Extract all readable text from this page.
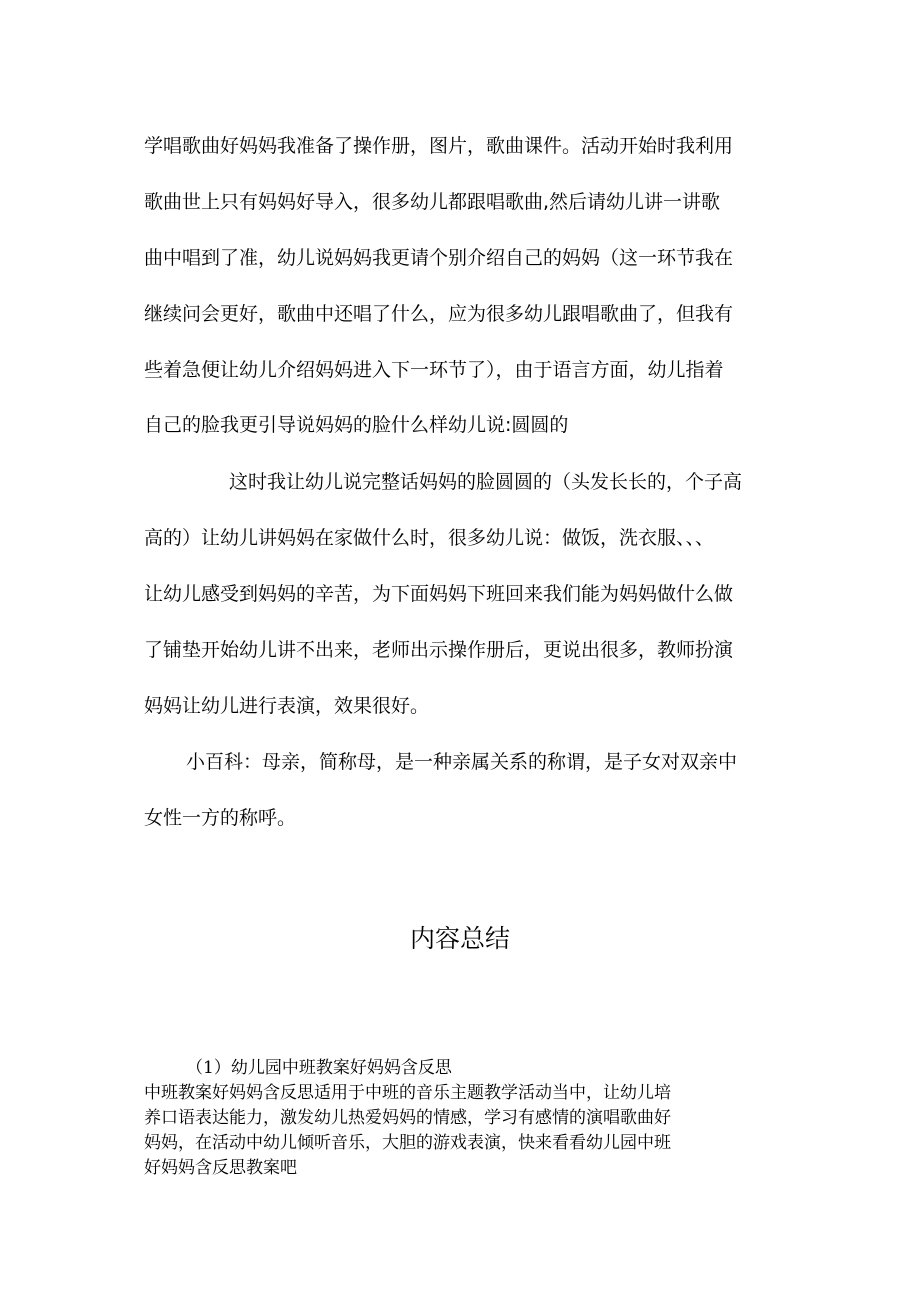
学唱歌曲好妈妈我准备了操作册，图片，歌曲课件。活动开始时我利用
歌曲世上只有妈妈好导入，很多幼儿都跟唱歌曲,然后请幼儿讲一讲歌
曲中唱到了准，幼儿说妈妈我更请个别介绍自己的妈妈（这一环节我在
继续问会更好，歌曲中还唱了什么，应为很多幼儿跟唱歌曲了，但我有
些着急便让幼儿介绍妈妈进入下一环节了），由于语言方面，幼儿指着
自己的脸我更引导说妈妈的脸什么样幼儿说:圆圆的
这时我让幼儿说完整话妈妈的脸圆圆的（头发长长的，个子高
高的）让幼儿讲妈妈在家做什么时，很多幼儿说：做饭，洗衣服、、、
让幼儿感受到妈妈的辛苦，为下面妈妈下班回来我们能为妈妈做什么做
了铺垫开始幼儿讲不出来，老师出示操作册后，更说出很多，教师扮演
妈妈让幼儿进行表演，效果很好。
小百科：母亲，简称母，是一种亲属关系的称谓，是子女对双亲中
女性一方的称呼。
内容总结
（1）幼儿园中班教案好妈妈含反思
中班教案好妈妈含反思适用于中班的音乐主题教学活动当中，让幼儿培
养口语表达能力，激发幼儿热爱妈妈的情感，学习有感情的演唱歌曲好
妈妈，在活动中幼儿倾听音乐，大胆的游戏表演，快来看看幼儿园中班
好妈妈含反思教案吧
